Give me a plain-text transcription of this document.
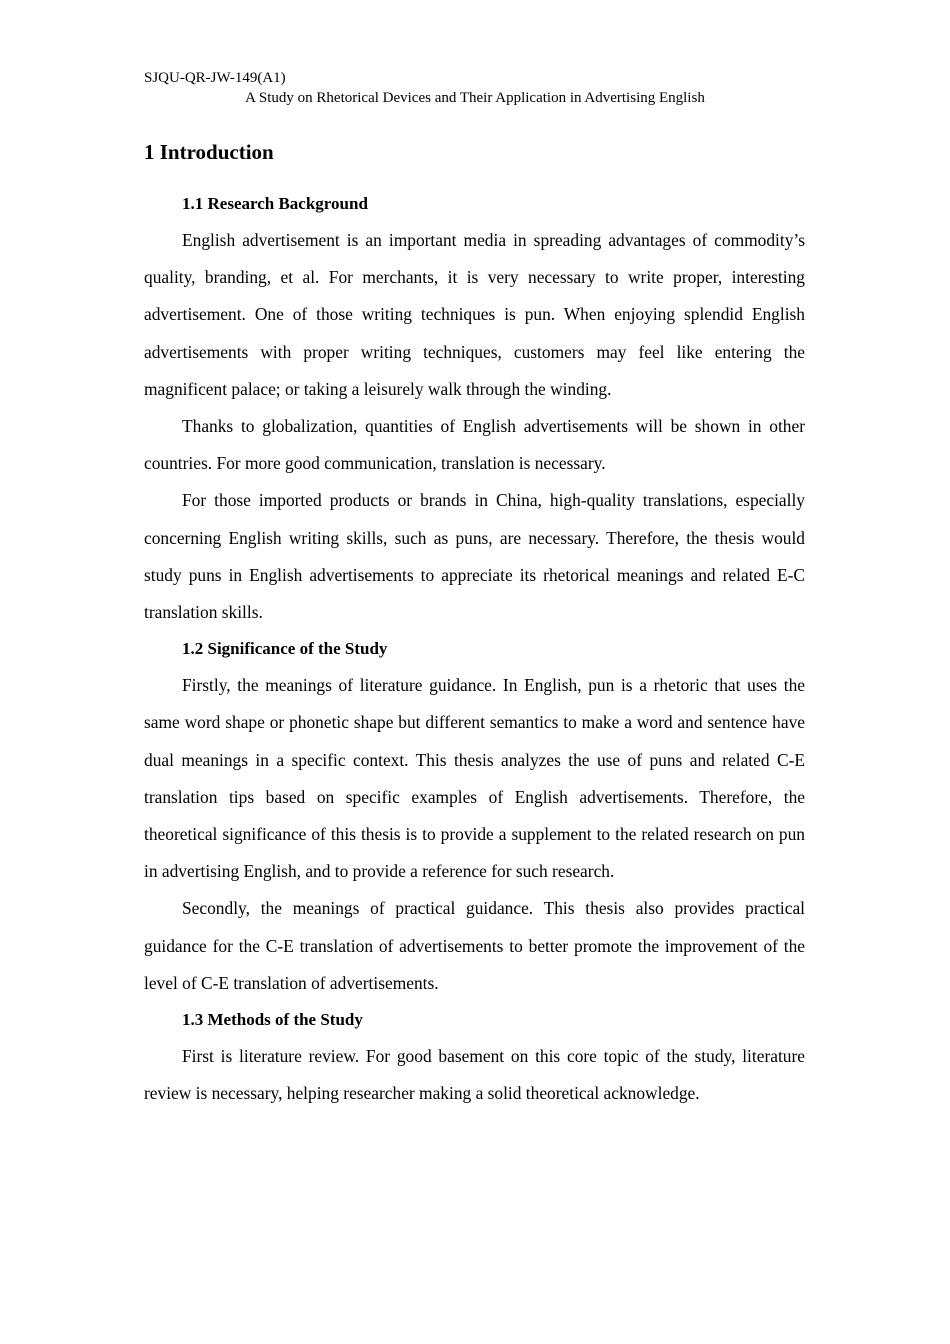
SJQU-QR-JW-149(A1)
A Study on Rhetorical Devices and Their Application in Advertising English
1 Introduction
1.1 Research Background

English advertisement is an important media in spreading advantages of commodity’s quality, branding, et al. For merchants, it is very necessary to write proper, interesting advertisement. One of those writing techniques is pun. When enjoying splendid English advertisements with proper writing techniques, customers may feel like entering the magnificent palace; or taking a leisurely walk through the winding.

Thanks to globalization, quantities of English advertisements will be shown in other countries. For more good communication, translation is necessary.

For those imported products or brands in China, high-quality translations, especially concerning English writing skills, such as puns, are necessary. Therefore, the thesis would study puns in English advertisements to appreciate its rhetorical meanings and related E-C translation skills.

1.2 Significance of the Study

Firstly, the meanings of literature guidance. In English, pun is a rhetoric that uses the same word shape or phonetic shape but different semantics to make a word and sentence have dual meanings in a specific context. This thesis analyzes the use of puns and related C-E translation tips based on specific examples of English advertisements. Therefore, the theoretical significance of this thesis is to provide a supplement to the related research on pun in advertising English, and to provide a reference for such research.

Secondly, the meanings of practical guidance. This thesis also provides practical guidance for the C-E translation of advertisements to better promote the improvement of the level of C-E translation of advertisements.

1.3 Methods of the Study

First is literature review. For good basement on this core topic of the study, literature review is necessary, helping researcher making a solid theoretical acknowledge.
